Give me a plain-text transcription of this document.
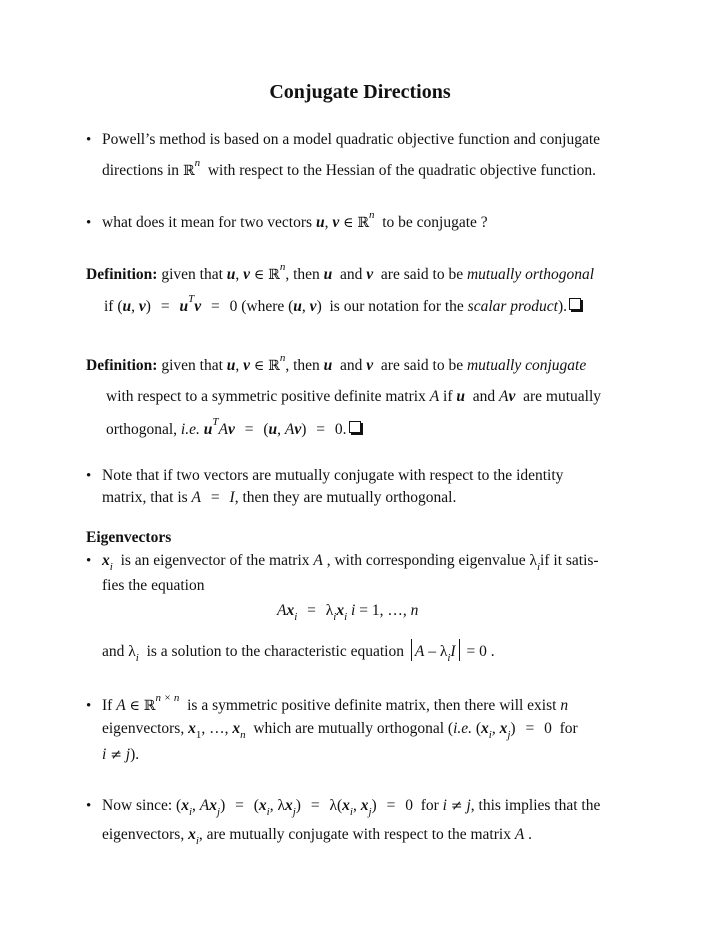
Conjugate Directions
• Powell’s method is based on a model quadratic objective function and conjugate
directions in ℝ$^n$ with respect to the Hessian of the quadratic objective function.
• what does it mean for two vectors u, v ∈ ℝ$^n$ to be conjugate ?
Definition: given that u, v ∈ ℝ$^n$, then u and v are said to be mutually orthogonal
if (u, $v) = u^Tv = 0$ (where (u, v)  is our notation for the scalar product).
Definition: given that u, v ∈ ℝ$^n$, then u and v are said to be mutually conjugate
with respect to a symmetric positive definite matrix A if u and Av are mutually
orthogonal, i.e. $u^TAv = (u$, Av) = 0.
• Note that if two vectors are mutually conjugate with respect to the identity
matrix, that is A = I, then they are mutually orthogonal.
Eigenvectors
• $x_i$ is an eigenvector of the matrix A , with corresponding eigenvalue $\lambda_iif$ it satis-
fies the equation
$Ax_i = \lambda_ix_i$ i = 1, …, n
and $\lambda_i$ is a solution to the characteristic equation $A - \lambda_iI = 0$ .
• If A ∈ ℝ$^{n \times n}$ is a symmetric positive definite matrix, then there will exist n
eigenvectors, $x_1$, …, $x_n$ which are mutually orthogonal (i.e. ($x_i$, $x_j) = 0$ for
i ≠ j).
• Now since: ($x_i$, $Ax_j) = (x_i$, $\lambda x_j) = \lambda(x_i$, $x_j) = 0$ for i ≠ j, this implies that the
eigenvectors, $x_i$, are mutually conjugate with respect to the matrix A .
